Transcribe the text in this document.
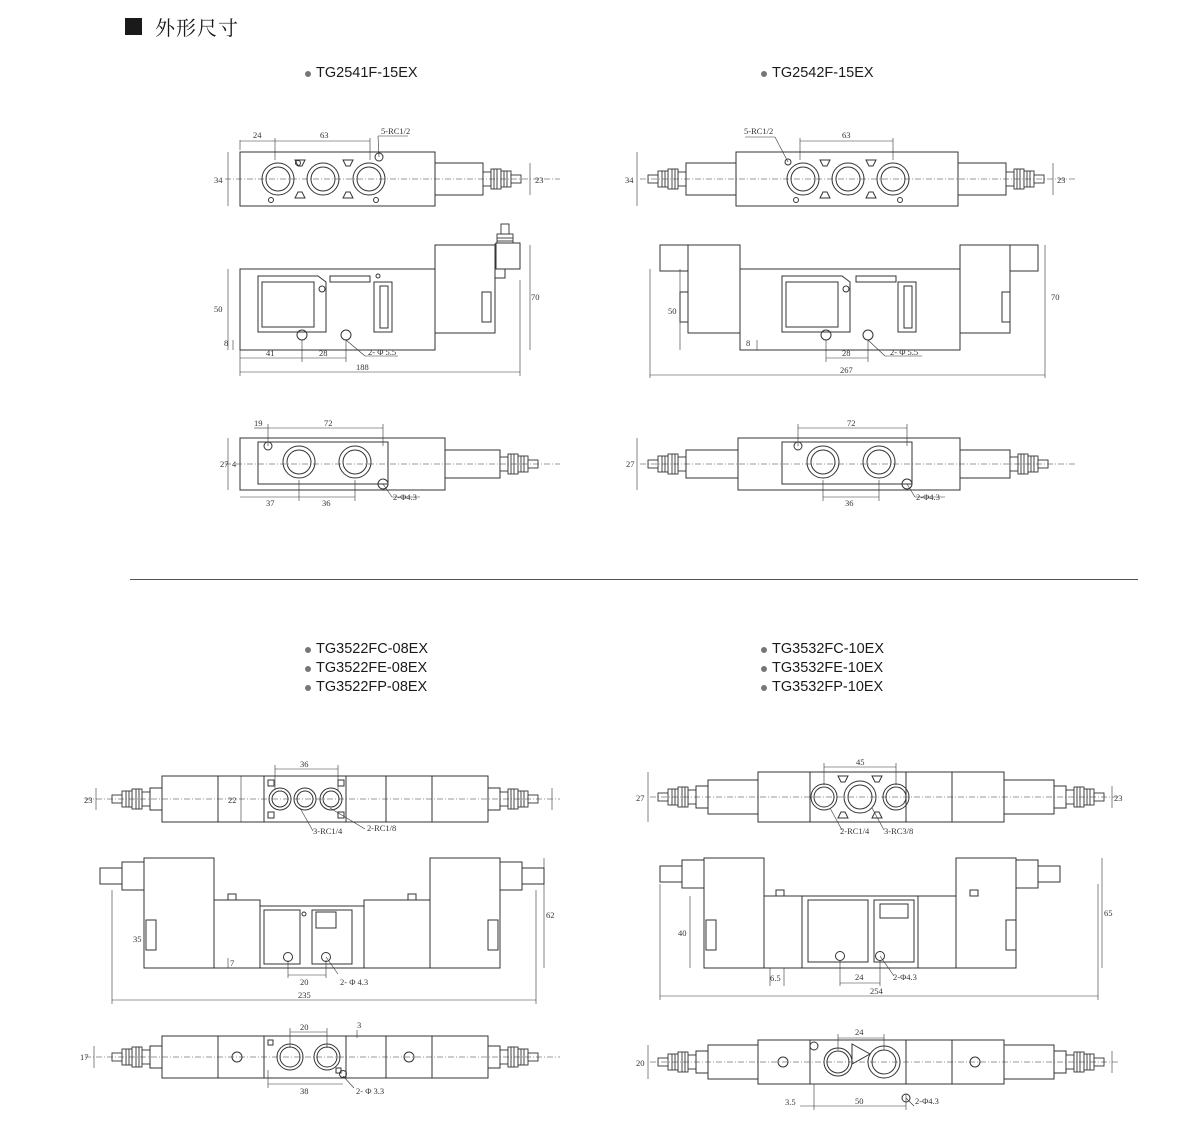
外形尺寸
TG2541F-15EX	TG2542F-15EX
TG3522FC-08EX
TG3522FE-08EX
TG3522FP-08EX
TG3532FC-10EX
TG3532FE-10EX
TG3532FP-10EX
24	63	5-RC1/2
34	23
50
70
8
41	28	2- Φ 5.5
188
19	72
27 4
37	36
2-Φ4.3
5-RC1/2	63
34	23
50
70
8
28	2- Φ 5.5
267
72
27
36
2-Φ4.3
36
23	22
3-RC1/4	2-RC1/8
62
35
7
20	2- Φ 4.3
235
20	3
17
38	2- Φ 3.3
45
27	23
2-RC1/4 3-RC3/8
65
40
6.5	24	2-Φ4.3
254
24
20
3.5	50	2-Φ4.3
